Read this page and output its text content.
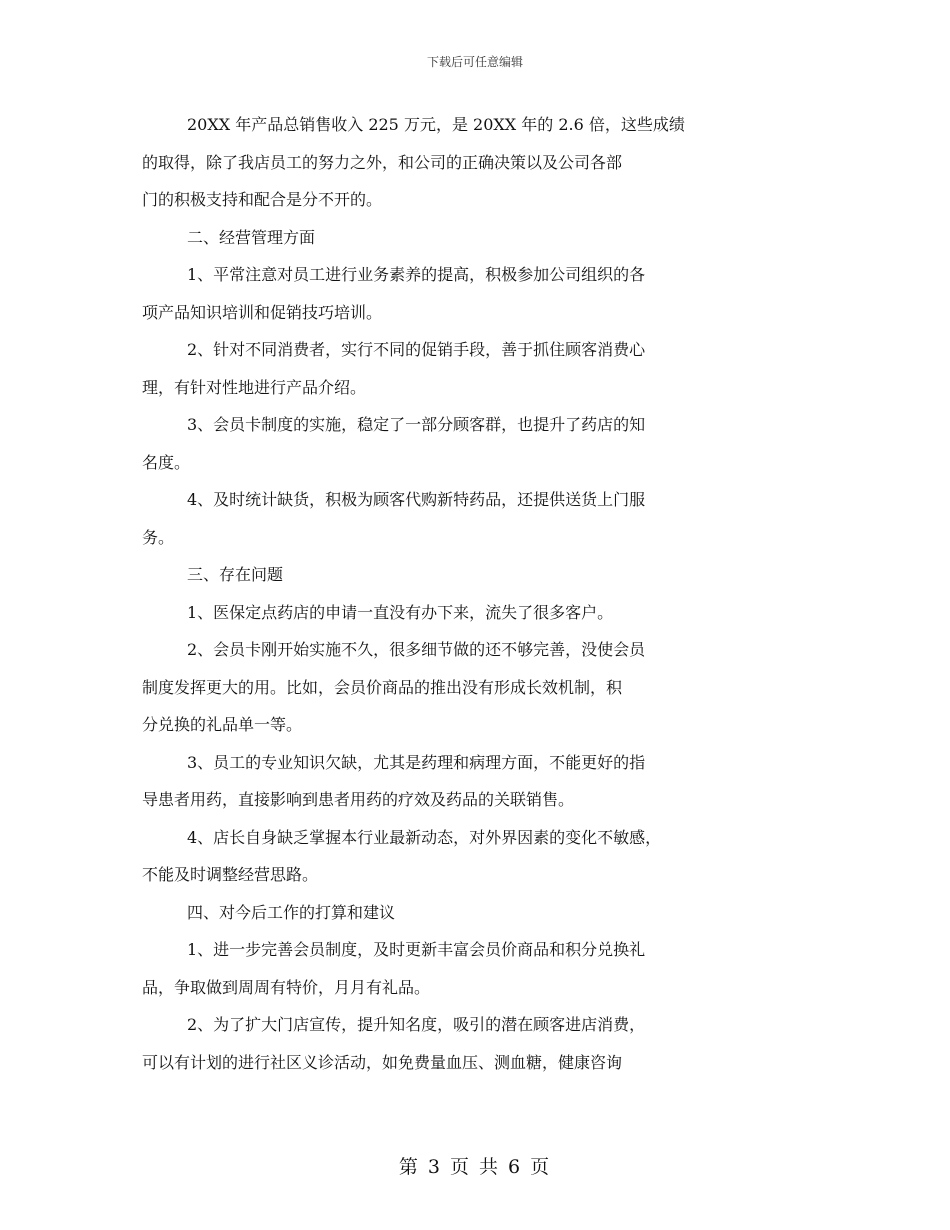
下载后可任意编辑
20XX 年产品总销售收入 225 万元，是 20XX 年的 2.6 倍，这些成绩
的取得，除了我店员工的努力之外，和公司的正确决策以及公司各部
门的积极支持和配合是分不开的。
二、经营管理方面
1、平常注意对员工进行业务素养的提高，积极参加公司组织的各
项产品知识培训和促销技巧培训。
2、针对不同消费者，实行不同的促销手段，善于抓住顾客消费心
理，有针对性地进行产品介绍。
3、会员卡制度的实施，稳定了一部分顾客群，也提升了药店的知
名度。
4、及时统计缺货，积极为顾客代购新特药品，还提供送货上门服
务。
三、存在问题
1、医保定点药店的申请一直没有办下来，流失了很多客户。
2、会员卡刚开始实施不久，很多细节做的还不够完善，没使会员
制度发挥更大的用。比如，会员价商品的推出没有形成长效机制，积
分兑换的礼品单一等。
3、员工的专业知识欠缺，尤其是药理和病理方面，不能更好的指
导患者用药，直接影响到患者用药的疗效及药品的关联销售。
4、店长自身缺乏掌握本行业最新动态，对外界因素的变化不敏感，
不能及时调整经营思路。
四、对今后工作的打算和建议
1、进一步完善会员制度，及时更新丰富会员价商品和积分兑换礼
品，争取做到周周有特价，月月有礼品。
2、为了扩大门店宣传，提升知名度，吸引的潜在顾客进店消费，
可以有计划的进行社区义诊活动，如免费量血压、测血糖，健康咨询
第 3 页 共 6 页
